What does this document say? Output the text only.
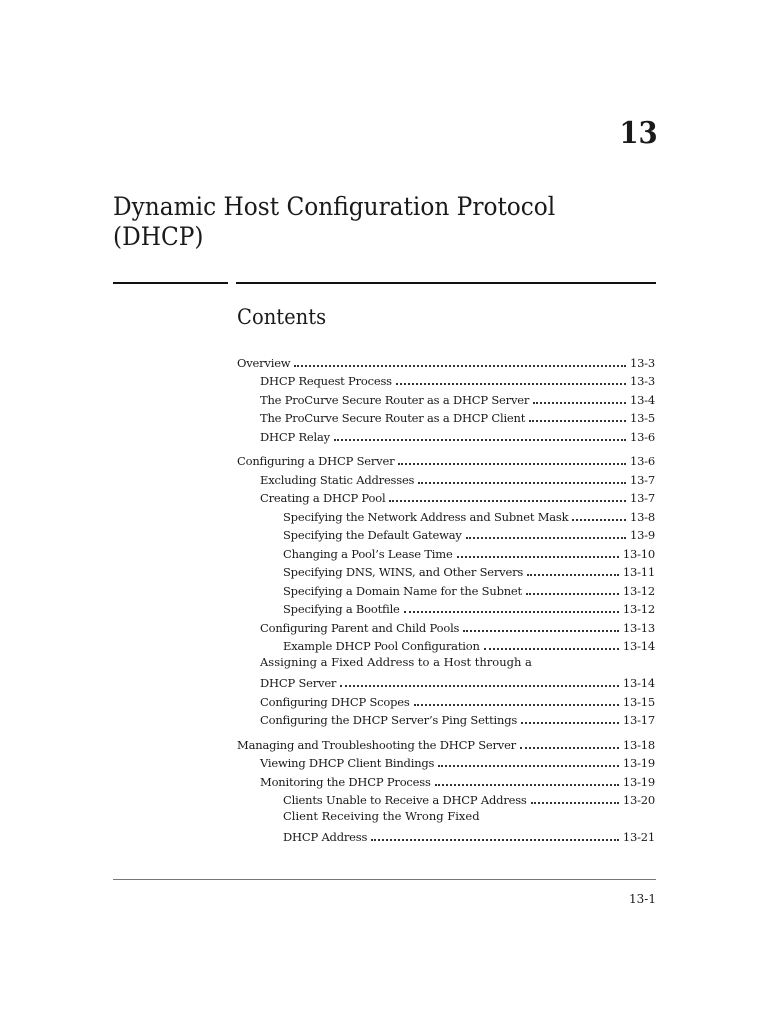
13
Dynamic Host Configuration Protocol
(DHCP)
Contents
Overview	13-3
DHCP Request Process	13-3
The ProCurve Secure Router as a DHCP Server	13-4
The ProCurve Secure Router as a DHCP Client	13-5
DHCP Relay	13-6
Configuring a DHCP Server	13-6
Excluding Static Addresses	13-7
Creating a DHCP Pool	13-7
Specifying the Network Address and Subnet Mask	13-8
Specifying the Default Gateway	13-9
Changing a Pool’s Lease Time	13-10
Specifying DNS, WINS, and Other Servers	13-11
Specifying a Domain Name for the Subnet	13-12
Specifying a Bootfile	13-12
Configuring Parent and Child Pools	13-13
Example DHCP Pool Configuration	13-14
Assigning a Fixed Address to a Host through a
DHCP Server	13-14
Configuring DHCP Scopes	13-15
Configuring the DHCP Server’s Ping Settings	13-17
Managing and Troubleshooting the DHCP Server	13-18
Viewing DHCP Client Bindings	13-19
Monitoring the DHCP Process	13-19
Clients Unable to Receive a DHCP Address	13-20
Client Receiving the Wrong Fixed
DHCP Address	13-21
13-1
